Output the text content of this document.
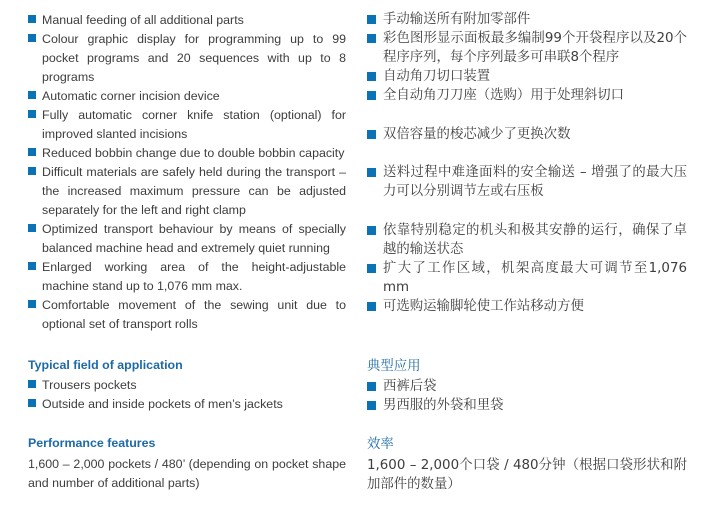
Manual feeding of all additional parts
Colour graphic display for programming up to 99 pocket programs and 20 sequences with up to 8 programs
Automatic corner incision device
Fully automatic corner knife station (optional) for improved slanted incisions
Reduced bobbin change due to double bobbin capacity
Difficult materials are safely held during the transport – the increased maximum pressure can be adjusted separately for the left and right clamp
Optimized transport behaviour by means of specially balanced machine head and extremely quiet running
Enlarged working area of the height-adjustable machine stand up to 1,076 mm max.
Comfortable movement of the sewing unit due to optional set of transport rolls
Typical field of application
Trousers pockets
Outside and inside pockets of men’s jackets
Performance features
1,600 – 2,000 pockets / 480’ (depending on pocket shape and number of additional parts)
手动输送所有附加零部件
彩色图形显示面板最多编制99个开袋程序以及20个程序序列，每个序列最多可串联8个程序
自动角刀切口装置
全自动角刀刀座（选购）用于处理斜切口
双倍容量的梭芯减少了更换次数
送料过程中难逢面料的安全输送 – 增强了的最大压力可以分别调节左或右压板
依靠特别稳定的机头和极其安静的运行，确保了卓越的输送状态
扩大了工作区域，机架高度最大可调节至1,076 mm
可选购运输脚轮使工作站移动方便
典型应用
西裤后袋
男西服的外袋和里袋
效率
1,600 – 2,000个口袋 / 480分钟（根据口袋形状和附加部件的数量）
